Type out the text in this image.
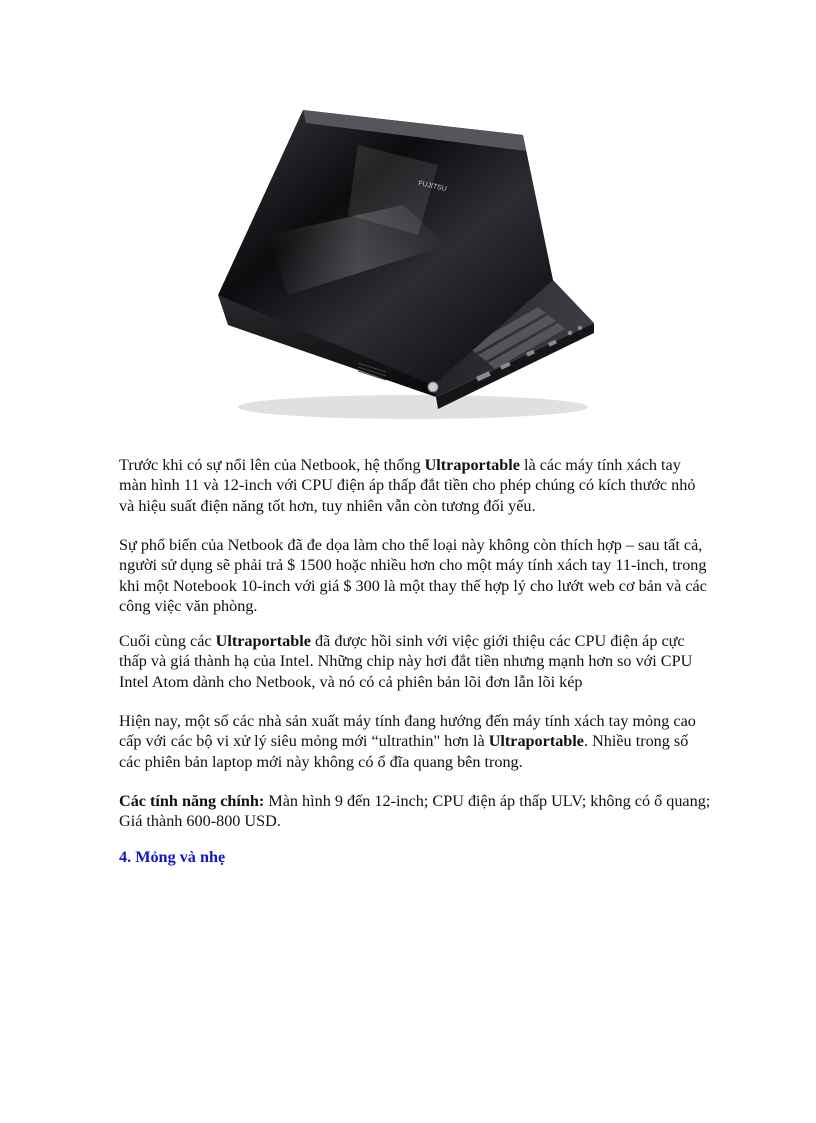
FUJITSU

Trước khi có sự nổi lên của Netbook, hệ thống Ultraportable là các máy tính xách tay màn hình 11 và 12-inch với CPU điện áp thấp đắt tiền cho phép chúng có kích thước nhỏ và hiệu suất điện năng tốt hơn, tuy nhiên vẫn còn tương đối yếu.

Sự phổ biến của Netbook đã đe dọa làm cho thể loại này không còn thích hợp – sau tất cả, người sử dụng sẽ phải trả $ 1500 hoặc nhiều hơn cho một máy tính xách tay 11-inch, trong khi một Notebook 10-inch với giá $ 300 là một thay thế hợp lý cho lướt web cơ bản và các công việc văn phòng.

Cuối cùng các Ultraportable đã được hồi sinh với việc giới thiệu các CPU điện áp cực thấp và giá thành hạ của Intel. Những chip này hơi đắt tiền nhưng mạnh hơn so với CPU Intel Atom dành cho Netbook, và nó có cả phiên bản lõi đơn lẫn lõi kép

Hiện nay, một số các nhà sản xuất máy tính đang hướng đến máy tính xách tay mỏng cao cấp với các bộ vi xử lý siêu mỏng mới “ultrathin" hơn là Ultraportable. Nhiều trong số các phiên bản laptop mới này không có ổ đĩa quang bên trong.

Các tính năng chính: Màn hình 9 đến 12-inch; CPU điện áp thấp ULV; không có ổ quang; Giá thành 600-800 USD.

4. Mỏng và nhẹ
